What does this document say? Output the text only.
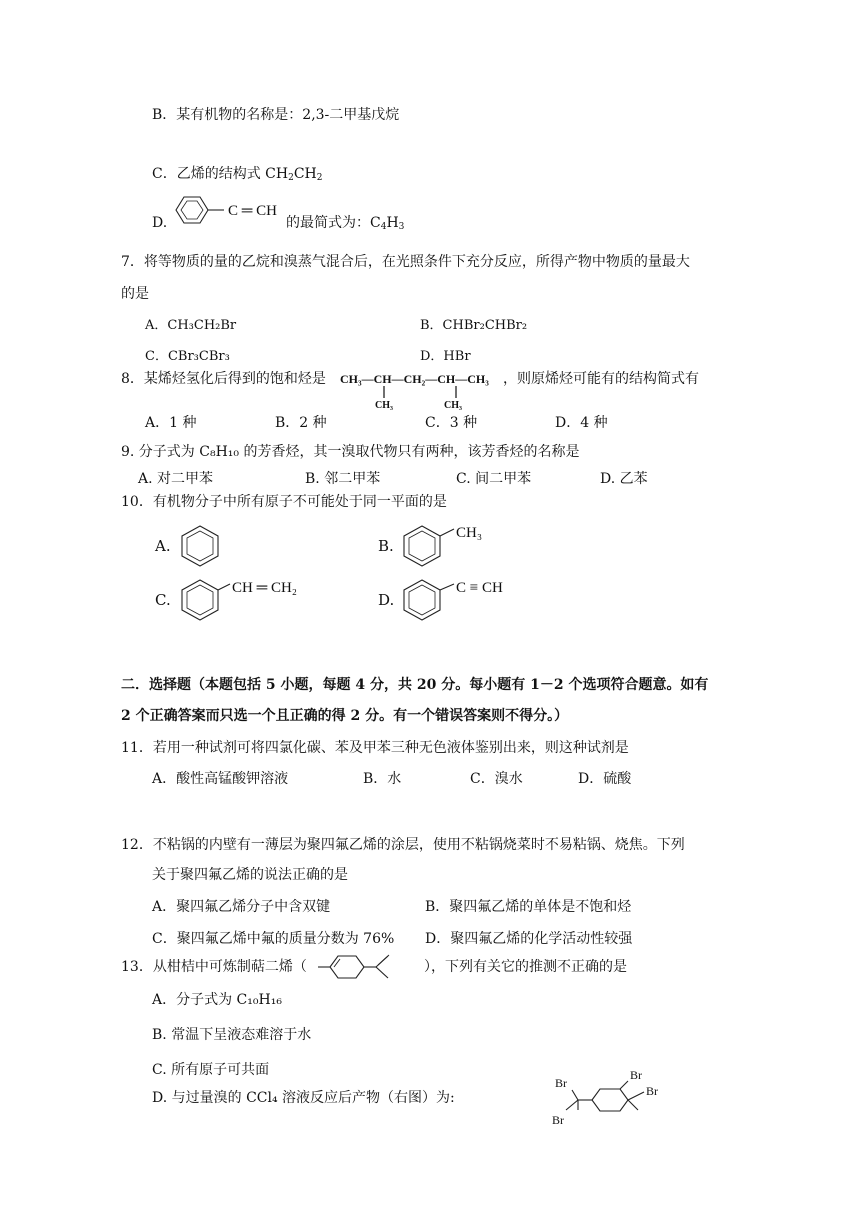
B．某有机物的名称是：2,3-二甲基戊烷
C．乙烯的结构式 $CH_2CH_2$
D.
C ═ CH
的最简式为：$C_4H_3$
7．将等物质的量的乙烷和溴蒸气混合后，在光照条件下充分反应，所得产物中物质的量最大
的是
A．CH₃CH₂Br	B．CHBr₂CHBr₂
C．CBr₃CBr₃	D．HBr
8．某烯烃氢化后得到的饱和烃是 CH₃—CH—CH₂—CH—CH₃
CH₃	CH₃
，则原烯烃可能有的结构简式有
A．1 种	B．2 种	C．3 种	D．4 种
9. 分子式为 C₈H₁₀ 的芳香烃，其一溴取代物只有两种，该芳香烃的名称是
A. 对二甲苯	B. 邻二甲苯	C. 间二甲苯	D. 乙苯
10．有机物分子中所有原子不可能处于同一平面的是
A.	B.
CH₃
C.
CH ═ CH₂
D.
C ≡ CH
二．选择题（本题包括 5 小题，每题 4 分，共 20 分。每小题有 1－2 个选项符合题意。如有
2 个正确答案而只选一个且正确的得 2 分。有一个错误答案则不得分。）
11．若用一种试剂可将四氯化碳、苯及甲苯三种无色液体鉴别出来，则这种试剂是
A．酸性高锰酸钾溶液	B．水	C．溴水	D．硫酸
12．不粘锅的内壁有一薄层为聚四氟乙烯的涂层，使用不粘锅烧菜时不易粘锅、烧焦。下列
关于聚四氟乙烯的说法正确的是
A．聚四氟乙烯分子中含双键	B．聚四氟乙烯的单体是不饱和烃
C．聚四氟乙烯中氟的质量分数为 76% D．聚四氟乙烯的化学活动性较强
13．从柑桔中可炼制萜二烯（	），下列有关它的推测不正确的是
A．分子式为 C₁₀H₁₆
B. 常温下呈液态难溶于水
C. 所有原子可共面
D. 与过量溴的 CCl₄ 溶液反应后产物（右图）为:
Br
Br
Br
Br
